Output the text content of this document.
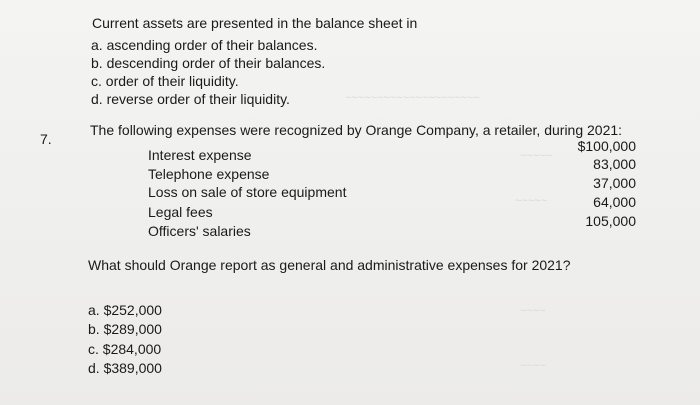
~~~~~~~~~~~~~~~~~~~~~
~~~~~
~~~~~
~~~~
~~~~
Current assets are presented in the balance sheet in
a. ascending order of their balances.
b. descending order of their balances.
c. order of their liquidity.
d. reverse order of their liquidity.
7.
The following expenses were recognized by Orange Company, a retailer, during 2021:
Interest expense
$100,000
Telephone expense
83,000
Loss on sale of store equipment
37,000
Legal fees
64,000
Officers' salaries
105,000
What should Orange report as general and administrative expenses for 2021?
a. $252,000
b. $289,000
c. $284,000
d. $389,000
